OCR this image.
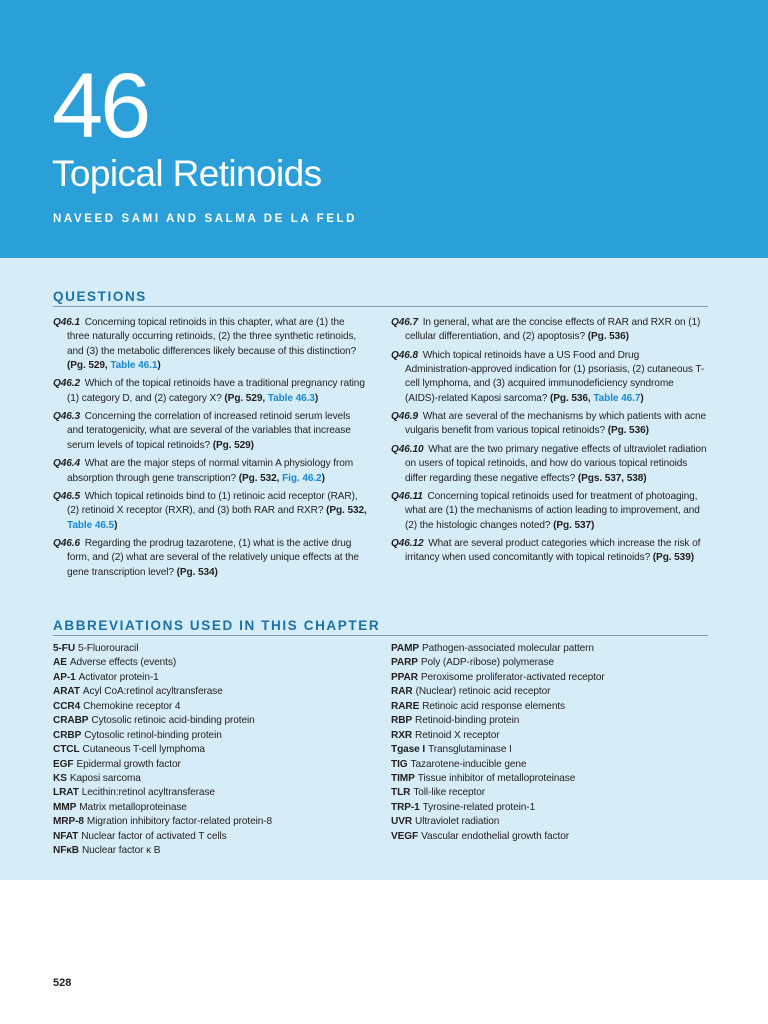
46
Topical Retinoids
NAVEED SAMI AND SALMA DE LA FELD
QUESTIONS

Q46.1 Concerning topical retinoids in this chapter, what are (1) the three naturally occurring retinoids, (2) the three synthetic retinoids, and (3) the metabolic differences likely because of this distinction? (Pg. 529, Table 46.1)

Q46.2 Which of the topical retinoids have a traditional pregnancy rating (1) category D, and (2) category X? (Pg. 529, Table 46.3)

Q46.3 Concerning the correlation of increased retinoid serum levels and teratogenicity, what are several of the variables that increase serum levels of topical retinoids? (Pg. 529)

Q46.4 What are the major steps of normal vitamin A physiology from absorption through gene transcription? (Pg. 532, Fig. 46.2)

Q46.5 Which topical retinoids bind to (1) retinoic acid receptor (RAR), (2) retinoid X receptor (RXR), and (3) both RAR and RXR? (Pg. 532, Table 46.5)

Q46.6 Regarding the prodrug tazarotene, (1) what is the active drug form, and (2) what are several of the relatively unique effects at the gene transcription level? (Pg. 534)

Q46.7 In general, what are the concise effects of RAR and RXR on (1) cellular differentiation, and (2) apoptosis? (Pg. 536)

Q46.8 Which topical retinoids have a US Food and Drug Administration-approved indication for (1) psoriasis, (2) cutaneous T-cell lymphoma, and (3) acquired immunodeficiency syndrome (AIDS)-related Kaposi sarcoma? (Pg. 536, Table 46.7)

Q46.9 What are several of the mechanisms by which patients with acne vulgaris benefit from various topical retinoids? (Pg. 536)

Q46.10 What are the two primary negative effects of ultraviolet radiation on users of topical retinoids, and how do various topical retinoids differ regarding these negative effects? (Pgs. 537, 538)

Q46.11 Concerning topical retinoids used for treatment of photoaging, what are (1) the mechanisms of action leading to improvement, and (2) the histologic changes noted? (Pg. 537)

Q46.12 What are several product categories which increase the risk of irritancy when used concomitantly with topical retinoids? (Pg. 539)

ABBREVIATIONS USED IN THIS CHAPTER
5-FU 5-Fluorouracil
AE Adverse effects (events)
AP-1 Activator protein-1
ARAT Acyl CoA:retinol acyltransferase
CCR4 Chemokine receptor 4
CRABP Cytosolic retinoic acid-binding protein
CRBP Cytosolic retinol-binding protein
CTCL Cutaneous T-cell lymphoma
EGF Epidermal growth factor
KS Kaposi sarcoma
LRAT Lecithin:retinol acyltransferase
MMP Matrix metalloproteinase
MRP-8 Migration inhibitory factor-related protein-8
NFAT Nuclear factor of activated T cells
NFκB Nuclear factor κ B
PAMP Pathogen-associated molecular pattern
PARP Poly (ADP-ribose) polymerase
PPAR Peroxisome proliferator-activated receptor
RAR (Nuclear) retinoic acid receptor
RARE Retinoic acid response elements
RBP Retinoid-binding protein
RXR Retinoid X receptor
Tgase I Transglutaminase I
TIG Tazarotene-inducible gene
TIMP Tissue inhibitor of metalloproteinase
TLR Toll-like receptor
TRP-1 Tyrosine-related protein-1
UVR Ultraviolet radiation
VEGF Vascular endothelial growth factor
528
